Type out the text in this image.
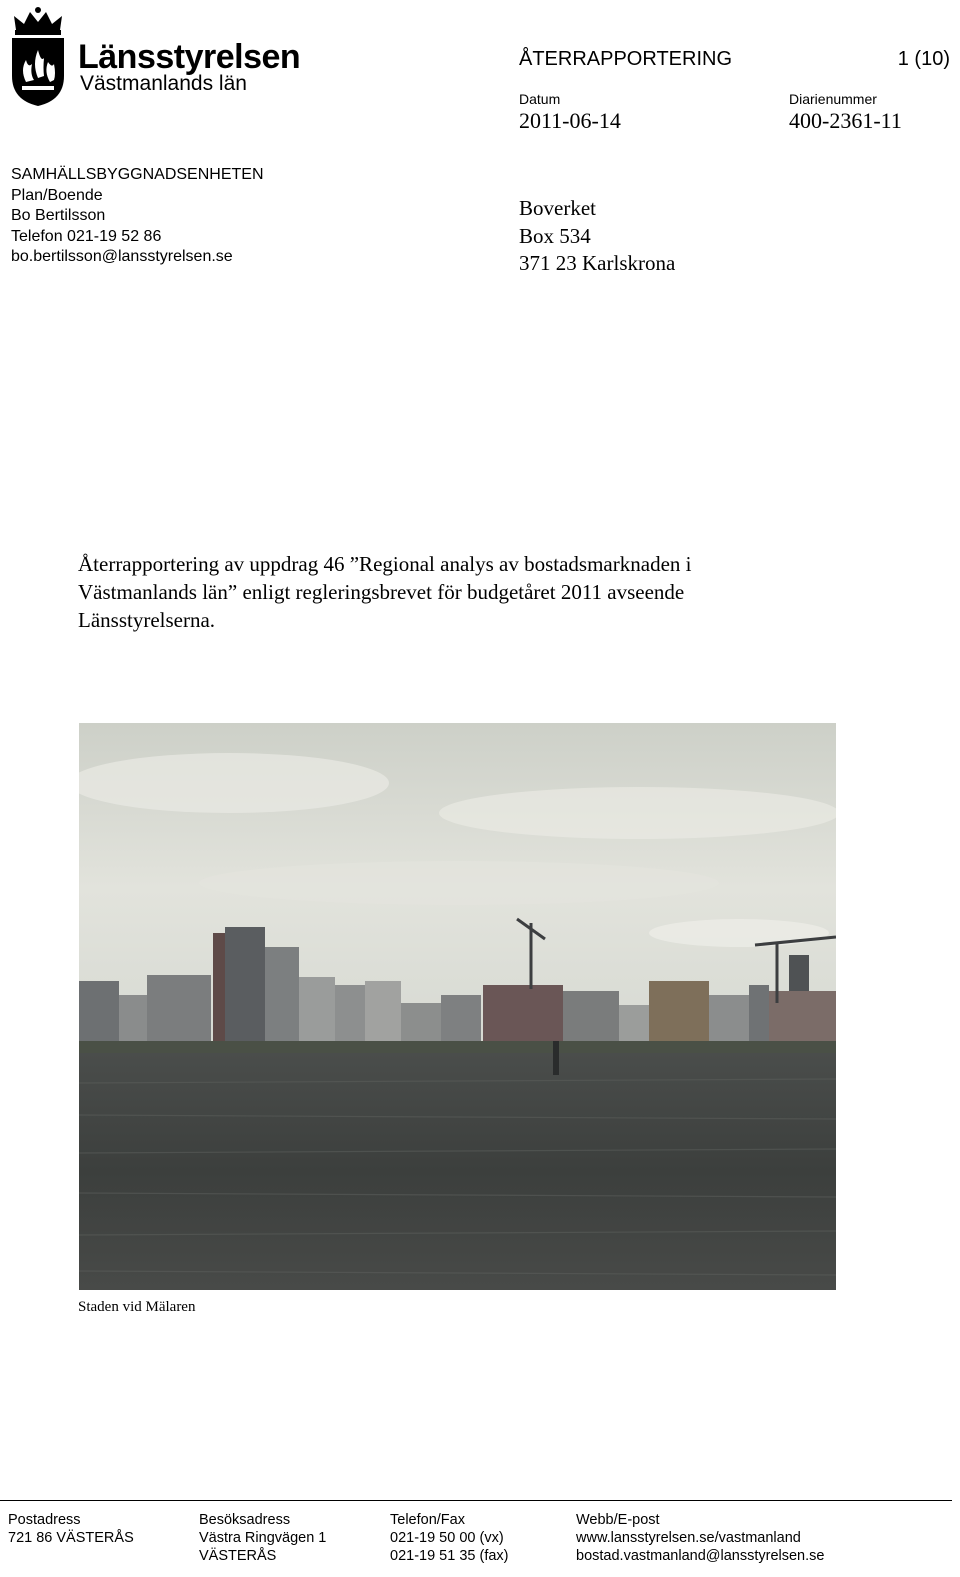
Länsstyrelsen
Västmanlands län
ÅTERRAPPORTERING	1 (10)
Datum
2011-06-14
Diarienummer
400-2361-11
SAMHÄLLSBYGGNADSENHETEN
Plan/Boende
Bo Bertilsson
Telefon 021-19 52 86
bo.bertilsson@lansstyrelsen.se
Boverket
Box 534
371 23 Karlskrona
Återrapportering av uppdrag 46 ”Regional analys av bostadsmarknaden i
Västmanlands län” enligt regleringsbrevet för budgetåret 2011 avseende
Länsstyrelserna.
Staden vid Mälaren
Postadress
721 86 VÄSTERÅS
Besöksadress
Västra Ringvägen 1
VÄSTERÅS
Telefon/Fax
021-19 50 00 (vx)
021-19 51 35 (fax)
Webb/E-post
www.lansstyrelsen.se/vastmanland
bostad.vastmanland@lansstyrelsen.se
